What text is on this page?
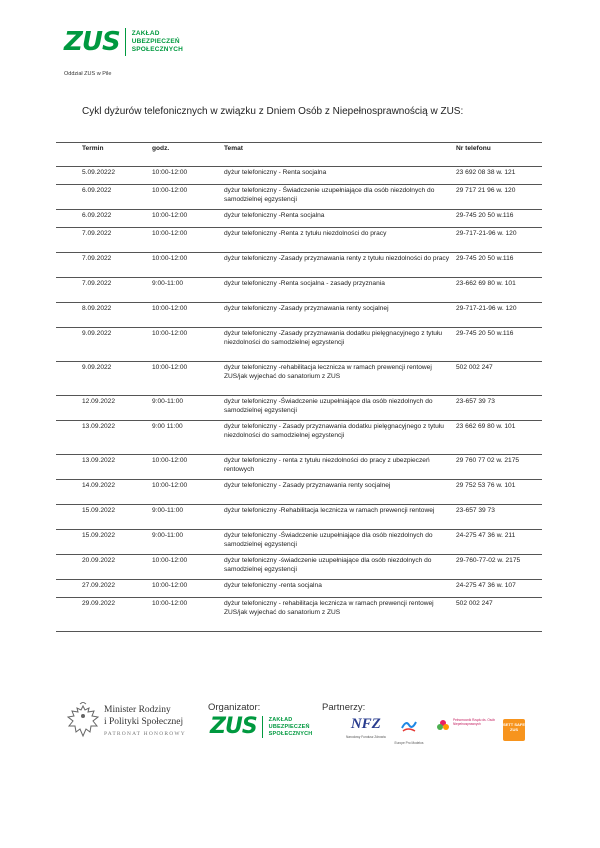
ZUS ZAKŁAD
UBEZPIECZEŃ
SPOŁECZNYCH
Oddział ZUS w Pile
Cykl dyżurów telefonicznych w związku z Dniem Osób z Niepełnosprawnością w ZUS:
Termin	godz.	Temat	Nr telefonu
5.09.20222	10:00-12:00	dyżur telefoniczny - Renta socjalna	23 692 08 38 w. 121
6.09.2022	10:00-12:00	dyżur telefoniczny - Świadczenie uzupełniające dla osób niezdolnych do samodzielnej egzystencji	29 717 21 96 w. 120
6.09.2022	10:00-12:00	dyżur telefoniczny -Renta socjalna	29-745 20 50 w.116
7.09.2022	10:00-12:00	dyżur telefoniczny -Renta z tytułu niezdolności do pracy	29-717-21-96 w. 120
7.09.2022	10:00-12:00	dyżur telefoniczny -Zasady przyznawania renty z tytułu niezdolności do pracy	29-745 20 50 w.116
7.09.2022	9:00-11:00	dyżur telefoniczny -Renta socjalna - zasady przyznania	23-662 69 80 w. 101
8.09.2022	10:00-12:00	dyżur telefoniczny -Zasady przyznawania renty socjalnej	29-717-21-96 w. 120
9.09.2022	10:00-12:00	dyżur telefoniczny -Zasady przyznawania dodatku pielęgnacyjnego z tytułu niezdolności do samodzielnej egzystencji	29-745 20 50 w.116
9.09.2022	10:00-12:00	dyżur telefoniczny -rehabilitacja lecznicza w ramach prewencji rentowej ZUS/jak wyjechać do sanatorium z ZUS	502 002 247
12.09.2022	9:00-11:00	dyżur telefoniczny -Świadczenie uzupełniające dla osób niezdolnych do samodzielnej egzystencji	23-657 39 73
13.09.2022	9:00 11:00	dyżur telefoniczny - Zasady przyznawania dodatku pielęgnacyjnego z tytułu niezdolności do samodzielnej egzystencji	23 662 69 80 w. 101
13.09.2022	10:00-12:00	dyżur telefoniczny - renta z tytułu niezdolności do pracy z ubezpieczeń rentowych	29 760 77 02 w. 2175
14.09.2022	10:00-12:00	dyżur telefoniczny - Zasady przyznawania renty socjalnej	29 752 53 76 w. 101
15.09.2022	9:00-11:00	dyżur telefoniczny -Rehabilitacja lecznicza w ramach prewencji rentowej	23-657 39 73
15.09.2022	9:00-11:00	dyżur telefoniczny -Świadczenie uzupełniające dla osób niezdolnych do samodzielnej egzystencji	24-275 47 36 w. 211
20.09.2022	10:00-12:00	dyżur telefoniczny -świadczenie uzupełniające dla osób niezdolnych do samodzielnej egzystencji	29-760-77-02 w. 2175
27.09.2022	10:00-12:00	dyżur telefoniczny -renta socjalna	24-275 47 36 w. 107
29.09.2022	10:00-12:00	dyżur telefoniczny - rehabilitacja lecznicza w ramach prewencji rentowej ZUS/jak wyjechać do sanatorium z ZUS	502 002 247
Minister Rodziny
i Polityki Społecznej
PATRONAT HONOROWY
Organizator:
ZUS ZAKŁAD
UBEZPIECZEŃ
SPOŁECZNYCH
Partnerzy:
NFZ
Narodowy Fundusz Zdrowia
Europe Pro Modelos
Pełnomocnik Rządu ds. Osób Niepełnosprawnych	SETT SAFE ZUS
